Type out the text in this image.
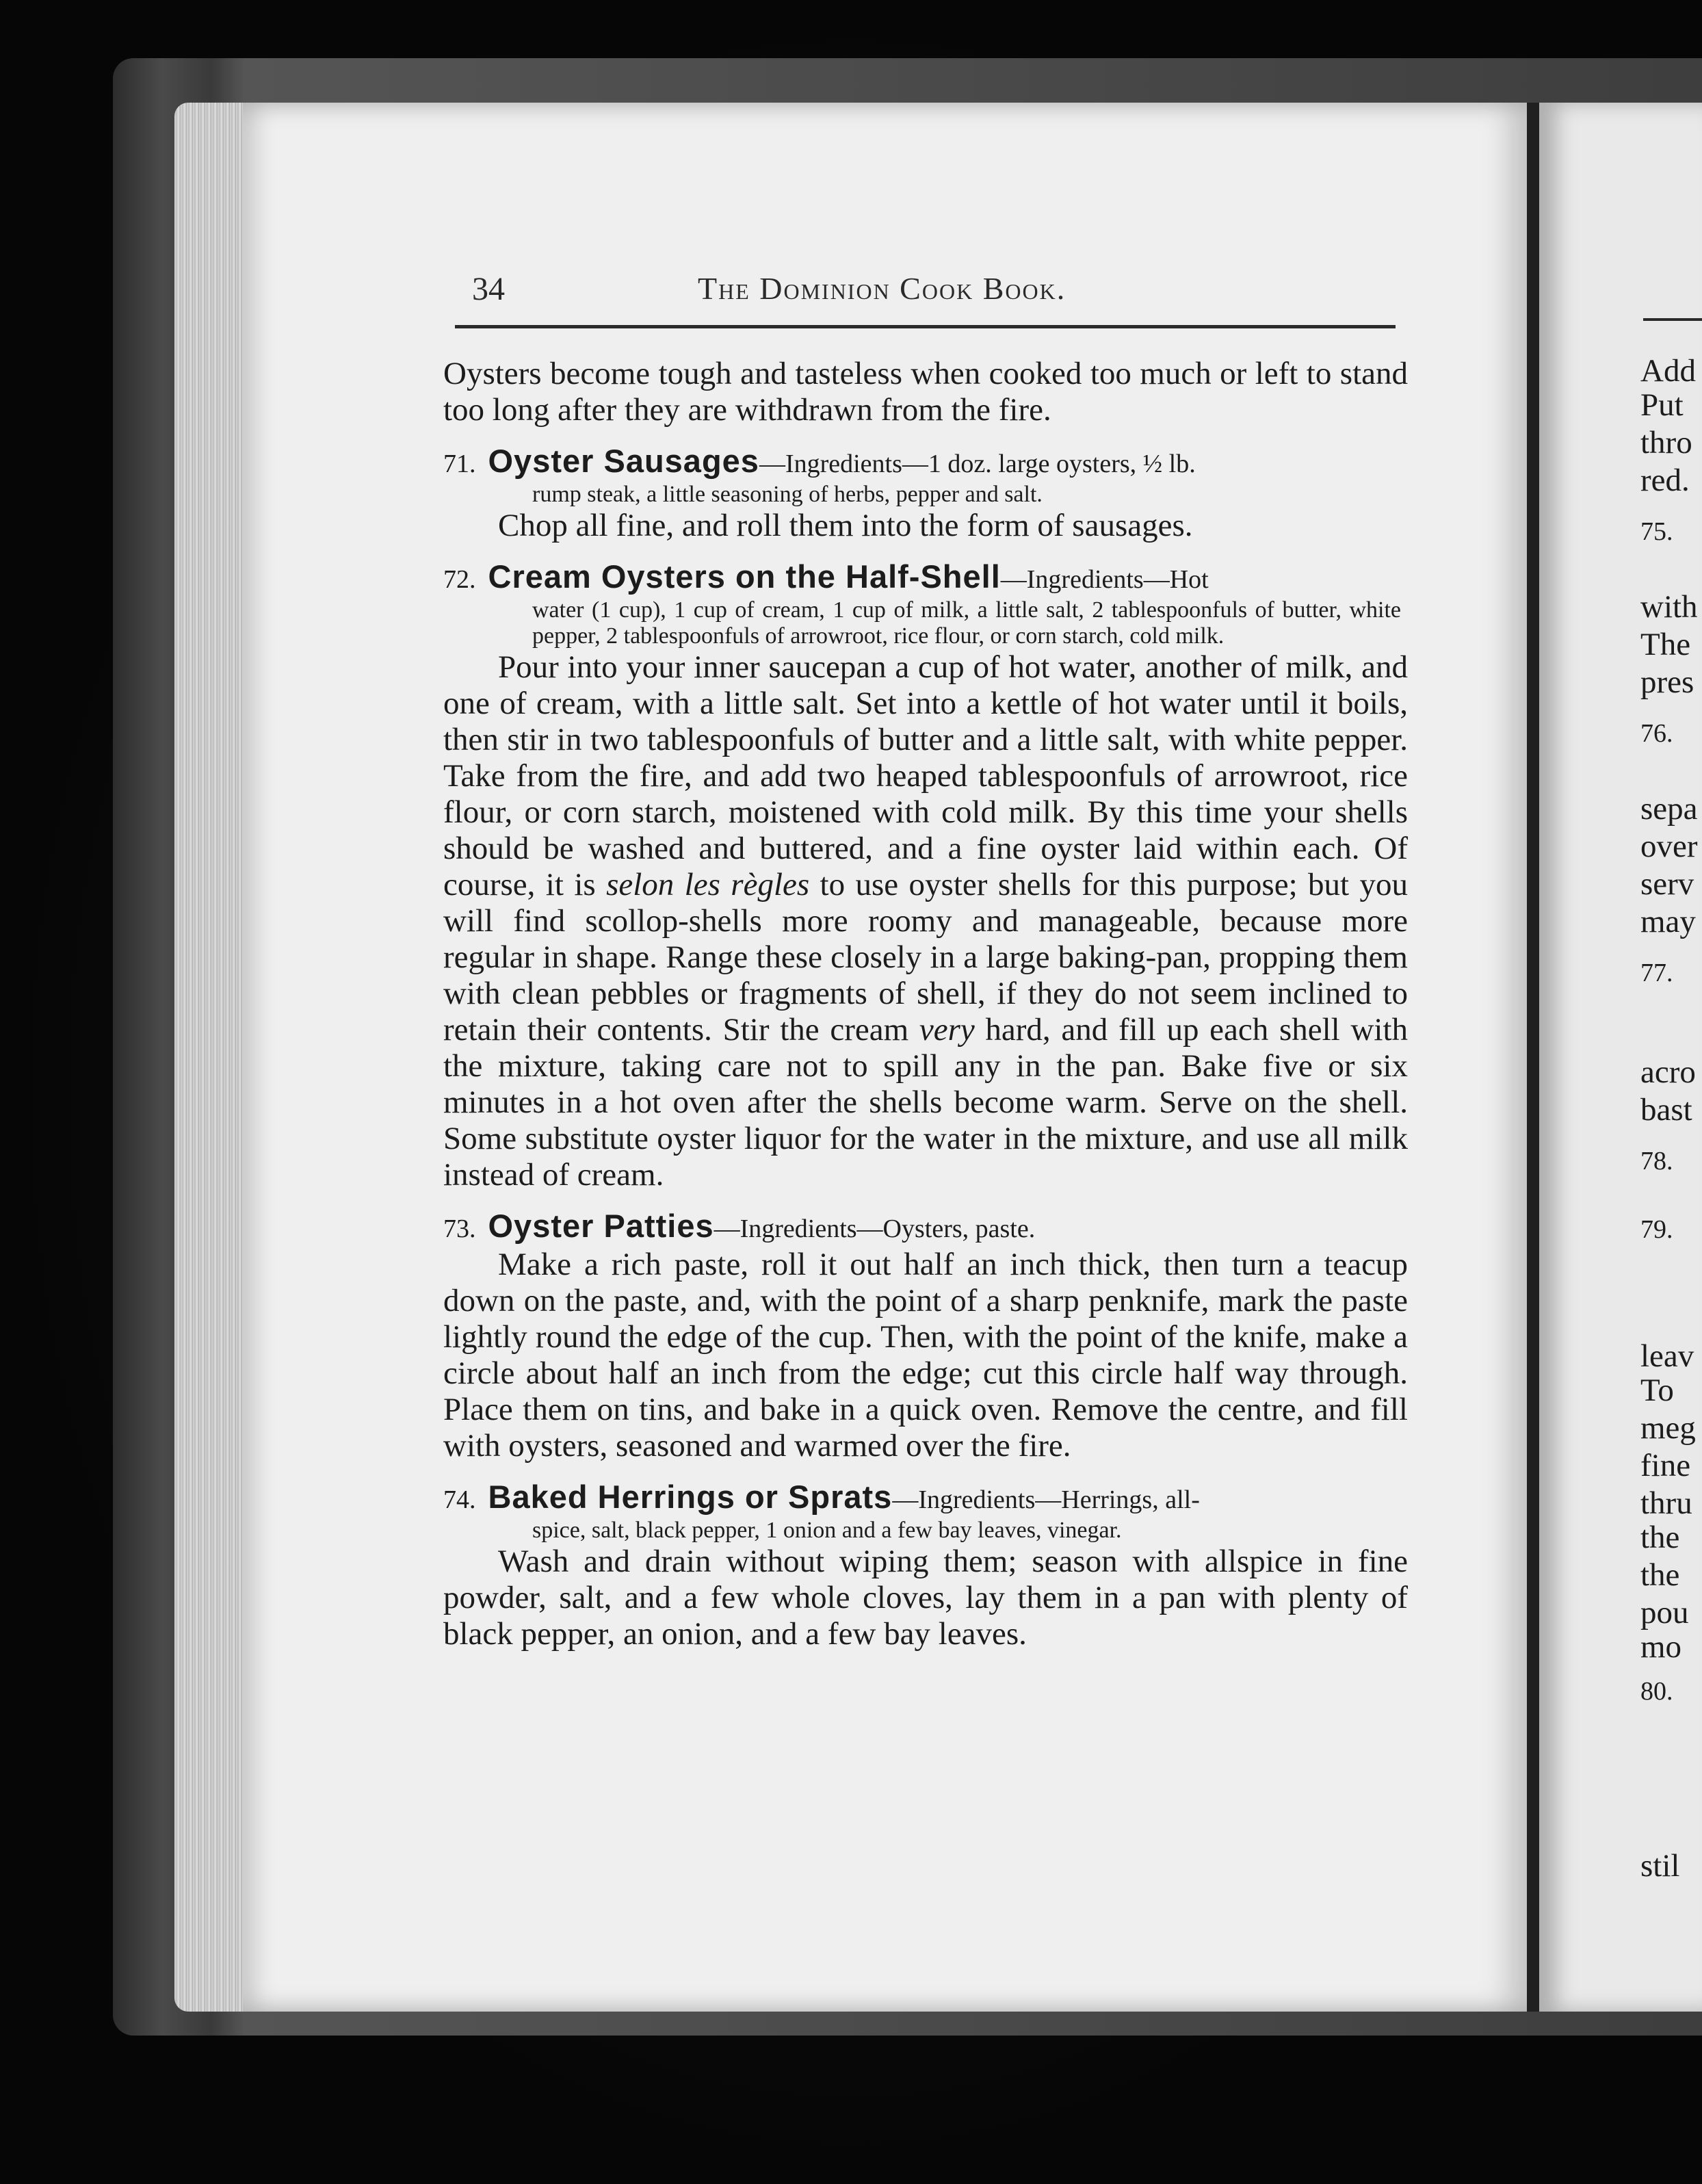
34	The Dominion Cook Book.

Oysters become tough and tasteless when cooked too much or left to stand too long after they are withdrawn from the fire.

71. Oyster Sausages—Ingredients—1 doz. large oysters, ½ lb.
rump steak, a little seasoning of herbs, pepper and salt.

Chop all fine, and roll them into the form of sausages.

72. Cream Oysters on the Half-Shell—Ingredients—Hot
water (1 cup), 1 cup of cream, 1 cup of milk, a little salt, 2 tablespoonfuls of butter, white pepper, 2 tablespoonfuls of arrowroot, rice flour, or corn starch, cold milk.

Pour into your inner saucepan a cup of hot water, another of milk, and one of cream, with a little salt. Set into a kettle of hot water until it boils, then stir in two tablespoonfuls of butter and a little salt, with white pepper. Take from the fire, and add two heaped tablespoonfuls of arrowroot, rice flour, or corn starch, moistened with cold milk. By this time your shells should be washed and buttered, and a fine oyster laid within each. Of course, it is selon les règles to use oyster shells for this purpose; but you will find scollop-shells more roomy and manageable, because more regular in shape. Range these closely in a large baking-pan, propping them with clean pebbles or fragments of shell, if they do not seem inclined to retain their contents. Stir the cream very hard, and fill up each shell with the mixture, taking care not to spill any in the pan. Bake five or six minutes in a hot oven after the shells become warm. Serve on the shell. Some substitute oyster liquor for the water in the mixture, and use all milk instead of cream.

73. Oyster Patties—Ingredients—Oysters, paste.

Make a rich paste, roll it out half an inch thick, then turn a teacup down on the paste, and, with the point of a sharp penknife, mark the paste lightly round the edge of the cup. Then, with the point of the knife, make a circle about half an inch from the edge; cut this circle half way through. Place them on tins, and bake in a quick oven. Remove the centre, and fill with oysters, seasoned and warmed over the fire.

74. Baked Herrings or Sprats—Ingredients—Herrings, all-
spice, salt, black pepper, 1 onion and a few bay leaves, vinegar.

Wash and drain without wiping them; season with allspice in fine powder, salt, and a few whole cloves, lay them in a pan with plenty of black pepper, an onion, and a few bay leaves.

Add
Put
thro
red.
75.
with
The
pres
76.
sepa
over
serv
may
77.
acro
bast
78.
79.
leav
To
meg
fine
thru
the
the
pou
mo
80.
stil
